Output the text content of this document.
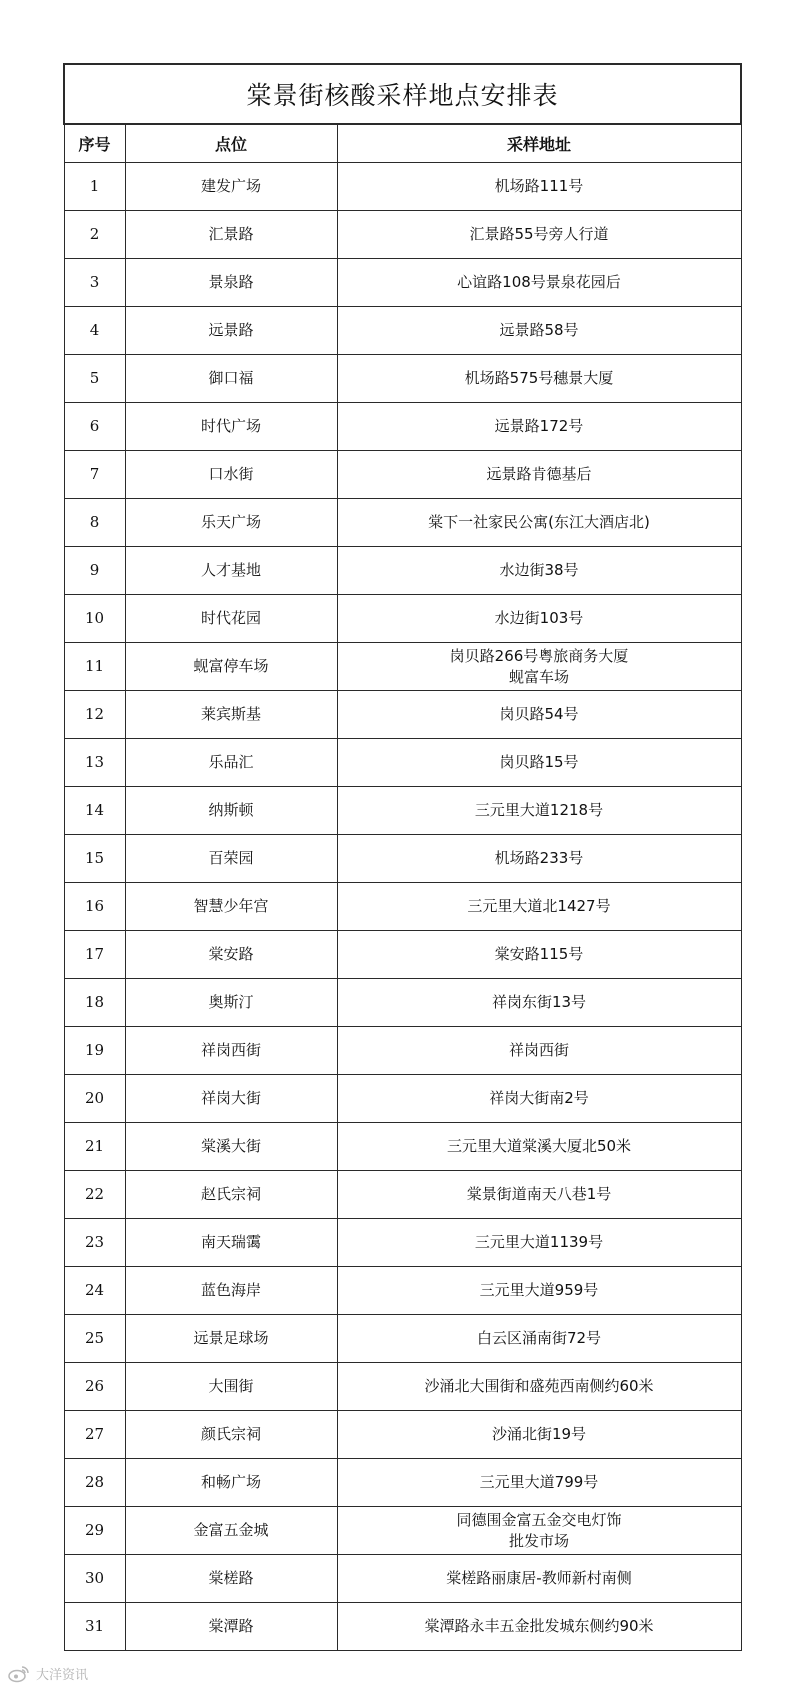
棠景街核酸采样地点安排表		
序号	点位	采样地址
1	建发广场	机场路111号

2	汇景路	汇景路55号旁人行道

3	景泉路	心谊路108号景泉花园后

4	远景路	远景路58号

5	御口福	机场路575号穗景大厦

6	时代广场	远景路172号

7	口水街	远景路肯德基后

8	乐天广场	棠下一社家民公寓(东江大酒店北)

9	人才基地	水边街38号

10	时代花园	水边街103号

11	蚬富停车场	岗贝路266号粤旅商务大厦
蚬富车场

12	莱宾斯基	岗贝路54号

13	乐品汇	岗贝路15号

14	纳斯顿	三元里大道1218号

15	百荣园	机场路233号

16	智慧少年宫	三元里大道北1427号

17	棠安路	棠安路115号

18	奥斯汀	祥岗东街13号

19	祥岗西街	祥岗西街

20	祥岗大街	祥岗大街南2号

21	棠溪大街	三元里大道棠溪大厦北50米

22	赵氏宗祠	棠景街道南天八巷1号

23	南天瑞霭	三元里大道1139号

24	蓝色海岸	三元里大道959号

25	远景足球场	白云区涌南街72号

26	大围街	沙涌北大围街和盛苑西南侧约60米

27	颜氏宗祠	沙涌北街19号

28	和畅广场	三元里大道799号

29	金富五金城	同德围金富五金交电灯饰
批发市场

30	棠槎路	棠槎路丽康居-教师新村南侧

31	棠潭路	棠潭路永丰五金批发城东侧约90米
大洋资讯
